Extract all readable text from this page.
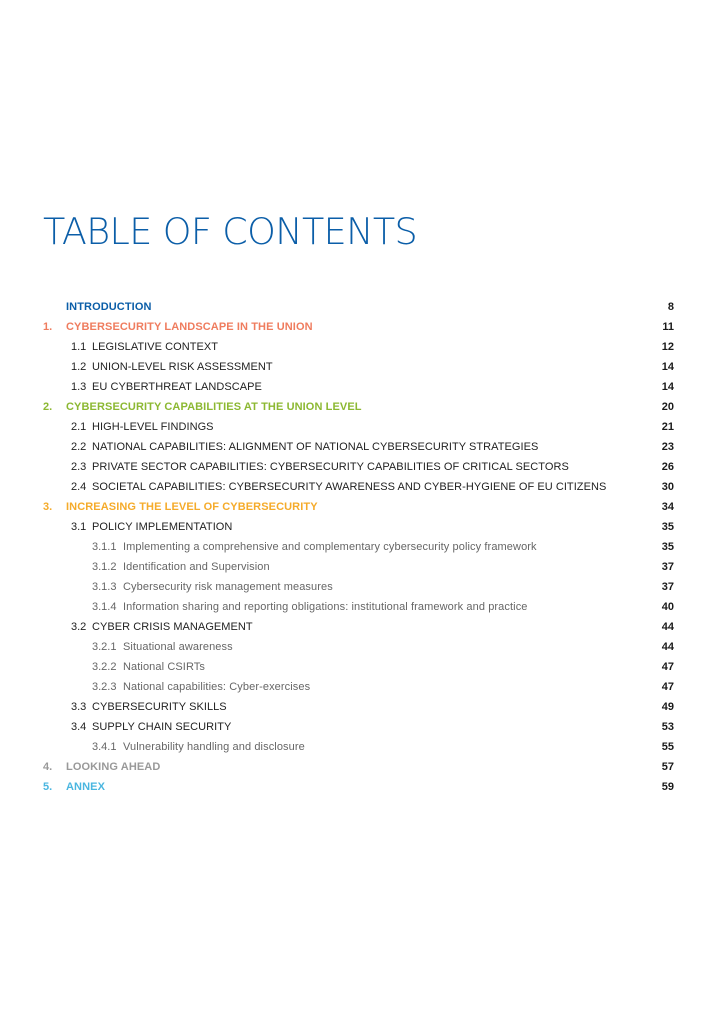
TABLE OF CONTENTS
INTRODUCTION	8
1. CYBERSECURITY LANDSCAPE IN THE UNION	11
1.1 LEGISLATIVE CONTEXT	12
1.2 UNION-LEVEL RISK ASSESSMENT	14
1.3 EU CYBERTHREAT LANDSCAPE	14
2. CYBERSECURITY CAPABILITIES AT THE UNION LEVEL	20
2.1 HIGH-LEVEL FINDINGS	21
2.2 NATIONAL CAPABILITIES: ALIGNMENT OF NATIONAL CYBERSECURITY STRATEGIES	23
2.3 PRIVATE SECTOR CAPABILITIES: CYBERSECURITY CAPABILITIES OF CRITICAL SECTORS	26
2.4 SOCIETAL CAPABILITIES: CYBERSECURITY AWARENESS AND CYBER-HYGIENE OF EU CITIZENS	30
3. INCREASING THE LEVEL OF CYBERSECURITY	34
3.1 POLICY IMPLEMENTATION	35
3.1.1 Implementing a comprehensive and complementary cybersecurity policy framework	35
3.1.2 Identification and Supervision	37
3.1.3 Cybersecurity risk management measures	37
3.1.4 Information sharing and reporting obligations: institutional framework and practice	40
3.2 CYBER CRISIS MANAGEMENT	44
3.2.1 Situational awareness	44
3.2.2 National CSIRTs	47
3.2.3 National capabilities: Cyber-exercises	47
3.3 CYBERSECURITY SKILLS	49
3.4 SUPPLY CHAIN SECURITY	53
3.4.1 Vulnerability handling and disclosure	55
4. LOOKING AHEAD	57
5. ANNEX	59
